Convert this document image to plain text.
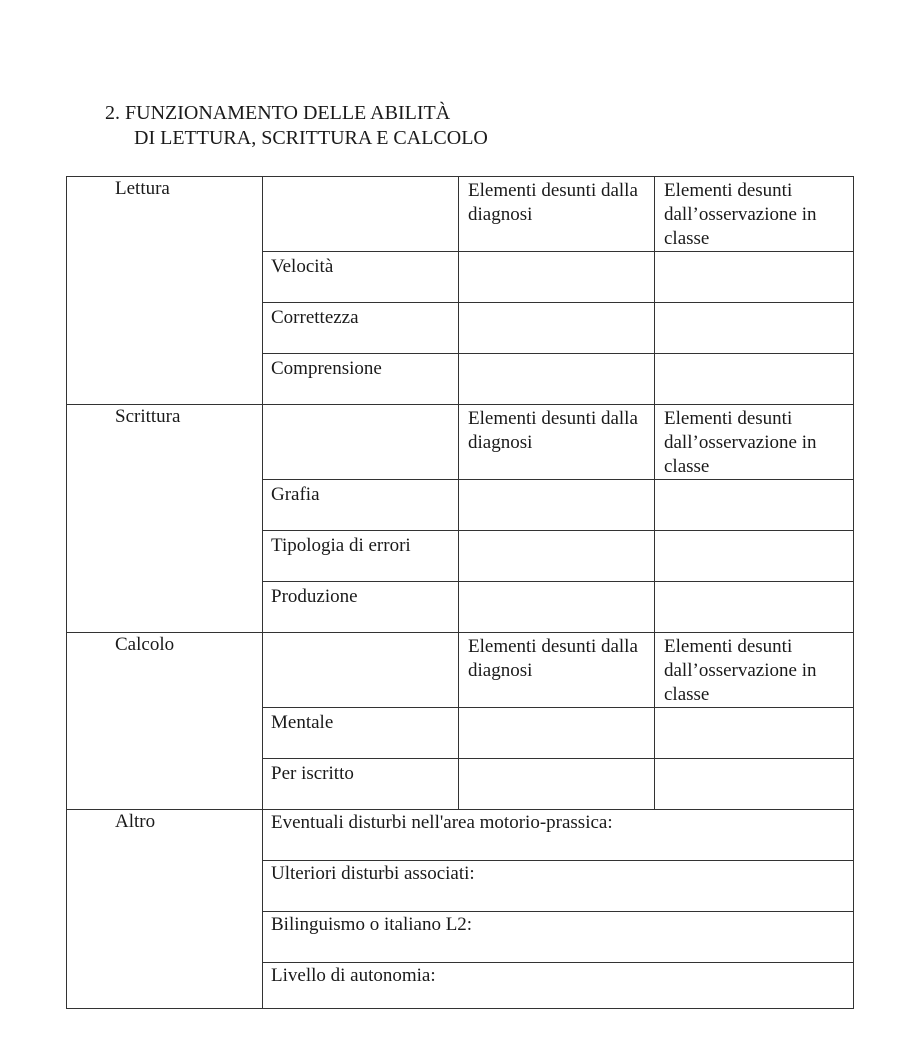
2. FUNZIONAMENTO DELLE ABILITÀ
DI LETTURA, SCRITTURA E CALCOLO
Lettura		Elementi desunti dalla diagnosi	Elementi desunti dall’osservazione in classe

	Velocità		

	Correttezza		

	Comprensione		

Scrittura		Elementi desunti dalla diagnosi	Elementi desunti dall’osservazione in classe

	Grafia		

	Tipologia di errori		

	Produzione		

Calcolo		Elementi desunti dalla diagnosi	Elementi desunti dall’osservazione in classe

	Mentale		

	Per iscritto		

Altro	Eventuali disturbi nell'area motorio-prassica:		

	Ulteriori disturbi associati:		

	Bilinguismo o italiano L2:		

	Livello di autonomia:		
